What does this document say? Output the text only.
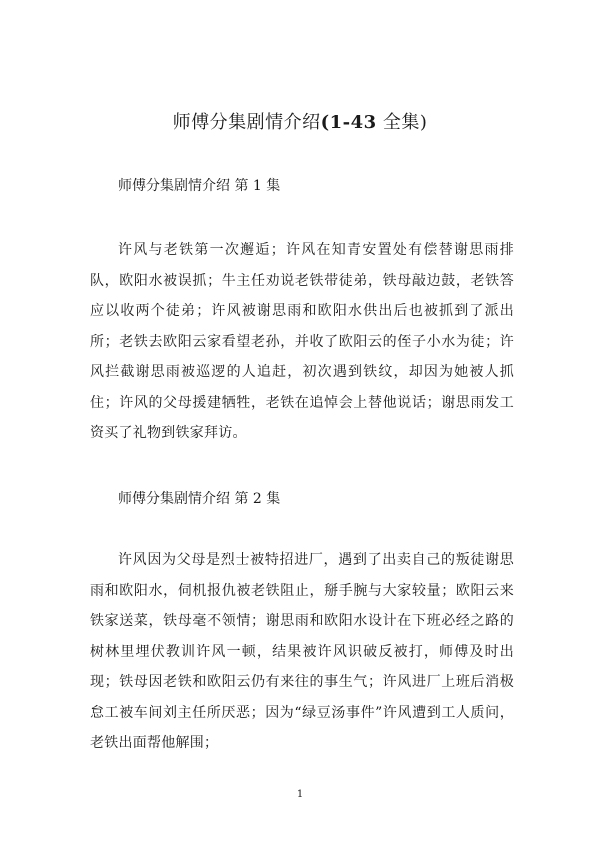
师傅分集剧情介绍(1-43 全集)

师傅分集剧情介绍 第 1 集

许风与老铁第一次邂逅；许风在知青安置处有偿替谢思雨排队，欧阳水被误抓；牛主任劝说老铁带徒弟，铁母敲边鼓，老铁答应以收两个徒弟；许风被谢思雨和欧阳水供出后也被抓到了派出所；老铁去欧阳云家看望老孙，并收了欧阳云的侄子小水为徒；许风拦截谢思雨被巡逻的人追赶，初次遇到铁纹，却因为她被人抓住；许风的父母援建牺牲，老铁在追悼会上替他说话；谢思雨发工资买了礼物到铁家拜访。

师傅分集剧情介绍 第 2 集

许风因为父母是烈士被特招进厂，遇到了出卖自己的叛徒谢思雨和欧阳水，伺机报仇被老铁阻止，掰手腕与大家较量；欧阳云来铁家送菜，铁母毫不领情；谢思雨和欧阳水设计在下班必经之路的树林里埋伏教训许风一顿，结果被许风识破反被打，师傅及时出现；铁母因老铁和欧阳云仍有来往的事生气；许风进厂上班后消极怠工被车间刘主任所厌恶；因为“绿豆汤事件”许风遭到工人质问，老铁出面帮他解围；

1
